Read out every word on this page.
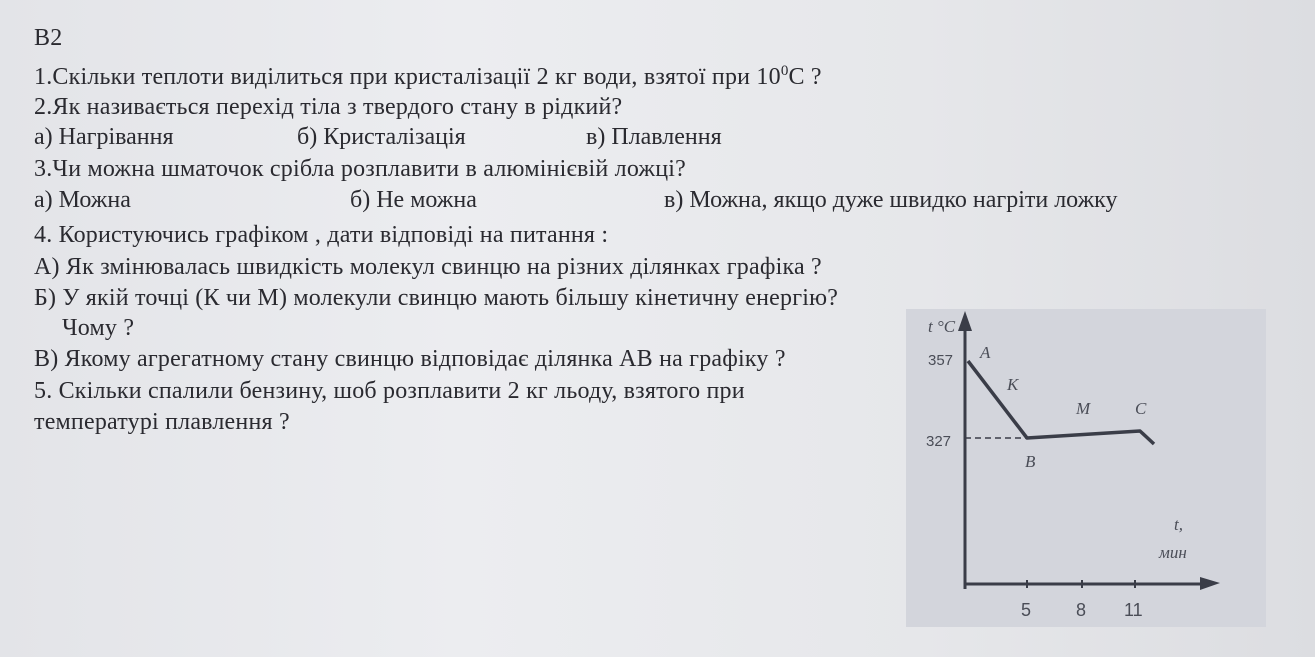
В2
1.Скільки теплоти виділиться при кристалізації 2 кг води, взятої при $10^0C$ ?
2.Як називається перехід тіла з твердого стану в рідкий?
а) Нагрівання	б) Кристалізація	в) Плавлення
3.Чи можна шматочок срібла розплавити в алюмінієвій ложці?
а) Можна	б) Не можна	в) Можна, якщо дуже швидко нагріти ложку
4. Користуючись графіком , дати відповіді на питання :
А) Як змінювалась швидкість молекул свинцю на різних ділянках графіка ?
Б) У якій точці (К чи М) молекули свинцю мають більшу кінетичну енергію?
Чому ?
В) Якому агрегатному стану свинцю відповідає ділянка АВ на графіку ?
5. Скільки спалили бензину, шоб розплавити 2 кг льоду, взятого при
температурі плавлення ?
t °C
357
327
A
K
B
M	C
t,
мин
5 8 11
